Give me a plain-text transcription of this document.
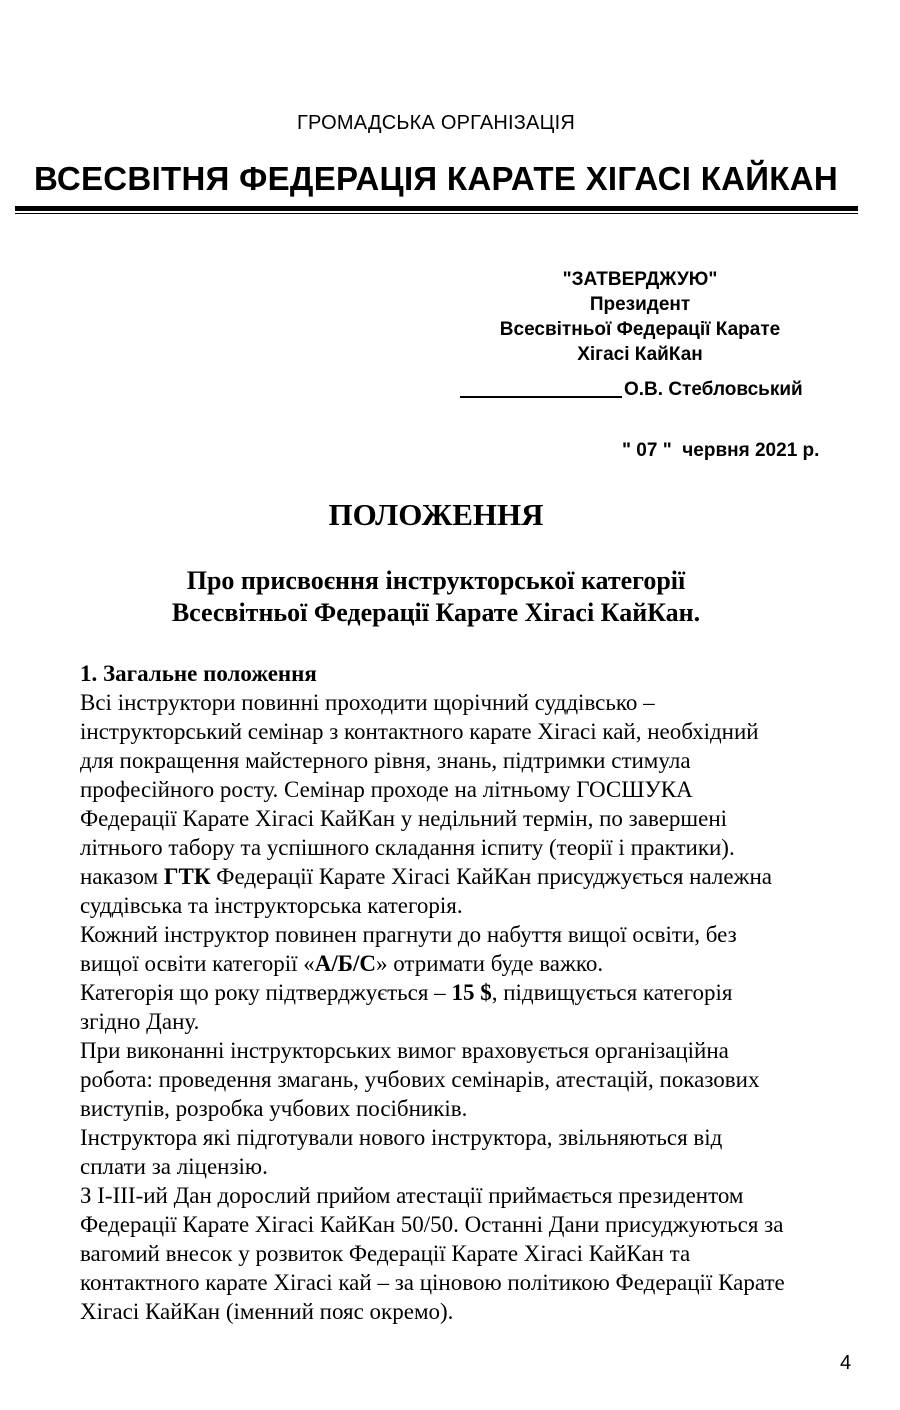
ГРОМАДСЬКА ОРГАНІЗАЦІЯ
ВСЕСВІТНЯ ФЕДЕРАЦІЯ КАРАТЕ ХІГАСІ КАЙКАН
"ЗАТВЕРДЖУЮ"
Президент
Всесвітньої Федерації Карате
Хігасі КайКан
О.В. Стебловський
" 07 "  червня 2021 р.
ПОЛОЖЕННЯ
Про присвоєння інструкторської категорії
Всесвітньої Федерації Карате Хігасі КайКан.
1. Загальне положення
Всі інструктори повинні проходити щорічний суддівсько –
інструкторський семінар з контактного карате Хігасі кай, необхідний
для покращення майстерного рівня, знань, підтримки стимула
професійного росту. Семінар проходе на літньому ГОСШУКА
Федерації Карате Хігасі КайКан у недільний термін, по завершені
літнього табору та успішного складання іспиту (теорії і практики).
наказом ГТК Федерації Карате Хігасі КайКан присуджується належна
суддівська та інструкторська категорія.
Кожний інструктор повинен прагнути до набуття вищої освіти, без
вищої освіти категорії «А/Б/С» отримати буде важко.
Категорія що року підтверджується – 15 $, підвищується категорія
згідно Дану.
При виконанні інструкторських вимог враховується організаційна
робота: проведення змагань, учбових семінарів, атестацій, показових
виступів, розробка учбових посібників.
Інструктора які підготували нового інструктора, звільняються від
сплати за ліцензію.
З І-ІІІ-ий Дан дорослий прийом атестації приймається президентом
Федерації Карате Хігасі КайКан 50/50. Останні Дани присуджуються за
вагомий внесок у розвиток Федерації Карате Хігасі КайКан та
контактного карате Хігасі кай – за ціновою політикою Федерації Карате
Хігасі КайКан (іменний пояс окремо).
4
